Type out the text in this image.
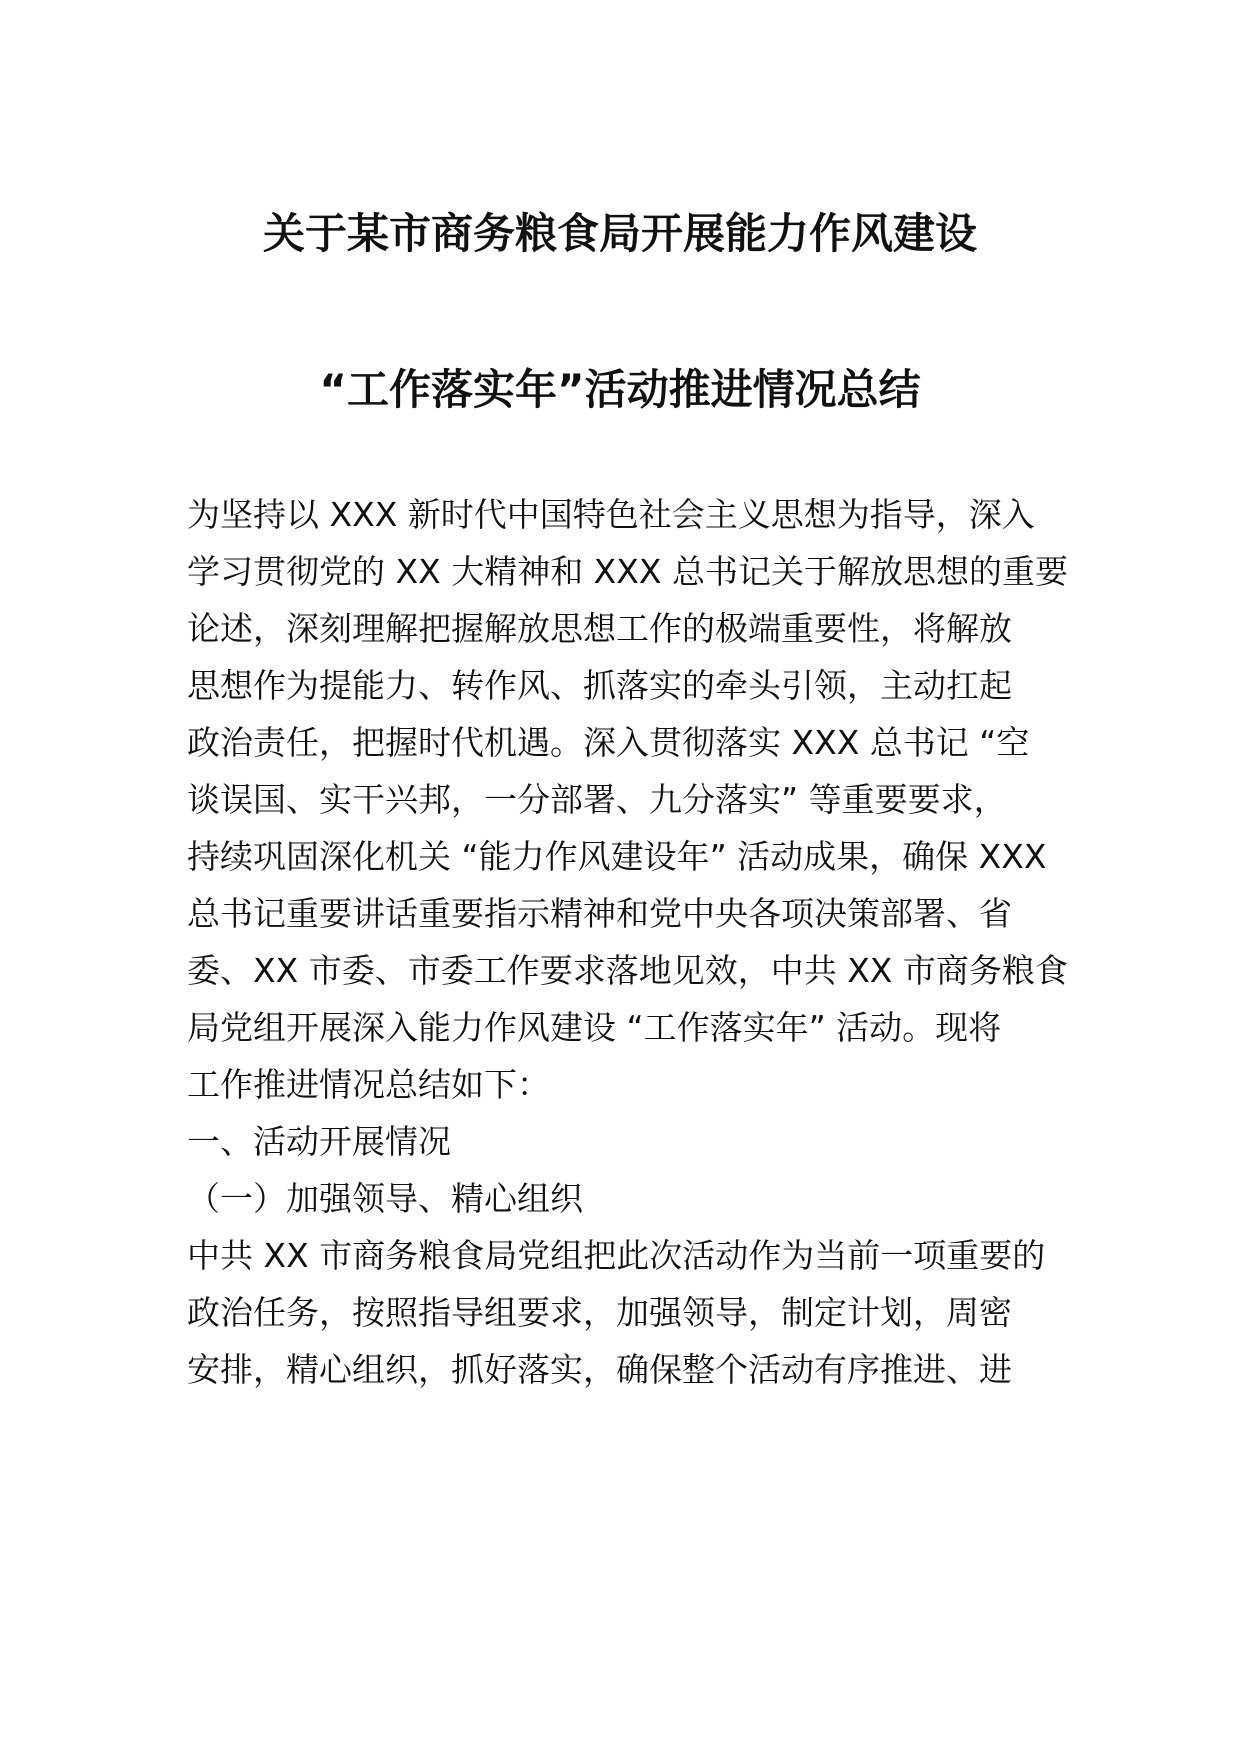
关于某市商务粮食局开展能力作风建设
“工作落实年”活动推进情况总结
为坚持以 XXX 新时代中国特色社会主义思想为指导，深入
学习贯彻党的 XX 大精神和 XXX 总书记关于解放思想的重要
论述，深刻理解把握解放思想工作的极端重要性，将解放
思想作为提能力、转作风、抓落实的牵头引领，主动扛起
政治责任，把握时代机遇。深入贯彻落实 XXX 总书记 “空
谈误国、实干兴邦，一分部署、九分落实” 等重要要求，
持续巩固深化机关 “能力作风建设年” 活动成果，确保 XXX
总书记重要讲话重要指示精神和党中央各项决策部署、省
委、XX 市委、市委工作要求落地见效，中共 XX 市商务粮食
局党组开展深入能力作风建设 “工作落实年” 活动。现将
工作推进情况总结如下：
一、活动开展情况
（一）加强领导、精心组织
中共 XX 市商务粮食局党组把此次活动作为当前一项重要的
政治任务，按照指导组要求，加强领导，制定计划，周密
安排，精心组织，抓好落实，确保整个活动有序推进、进
